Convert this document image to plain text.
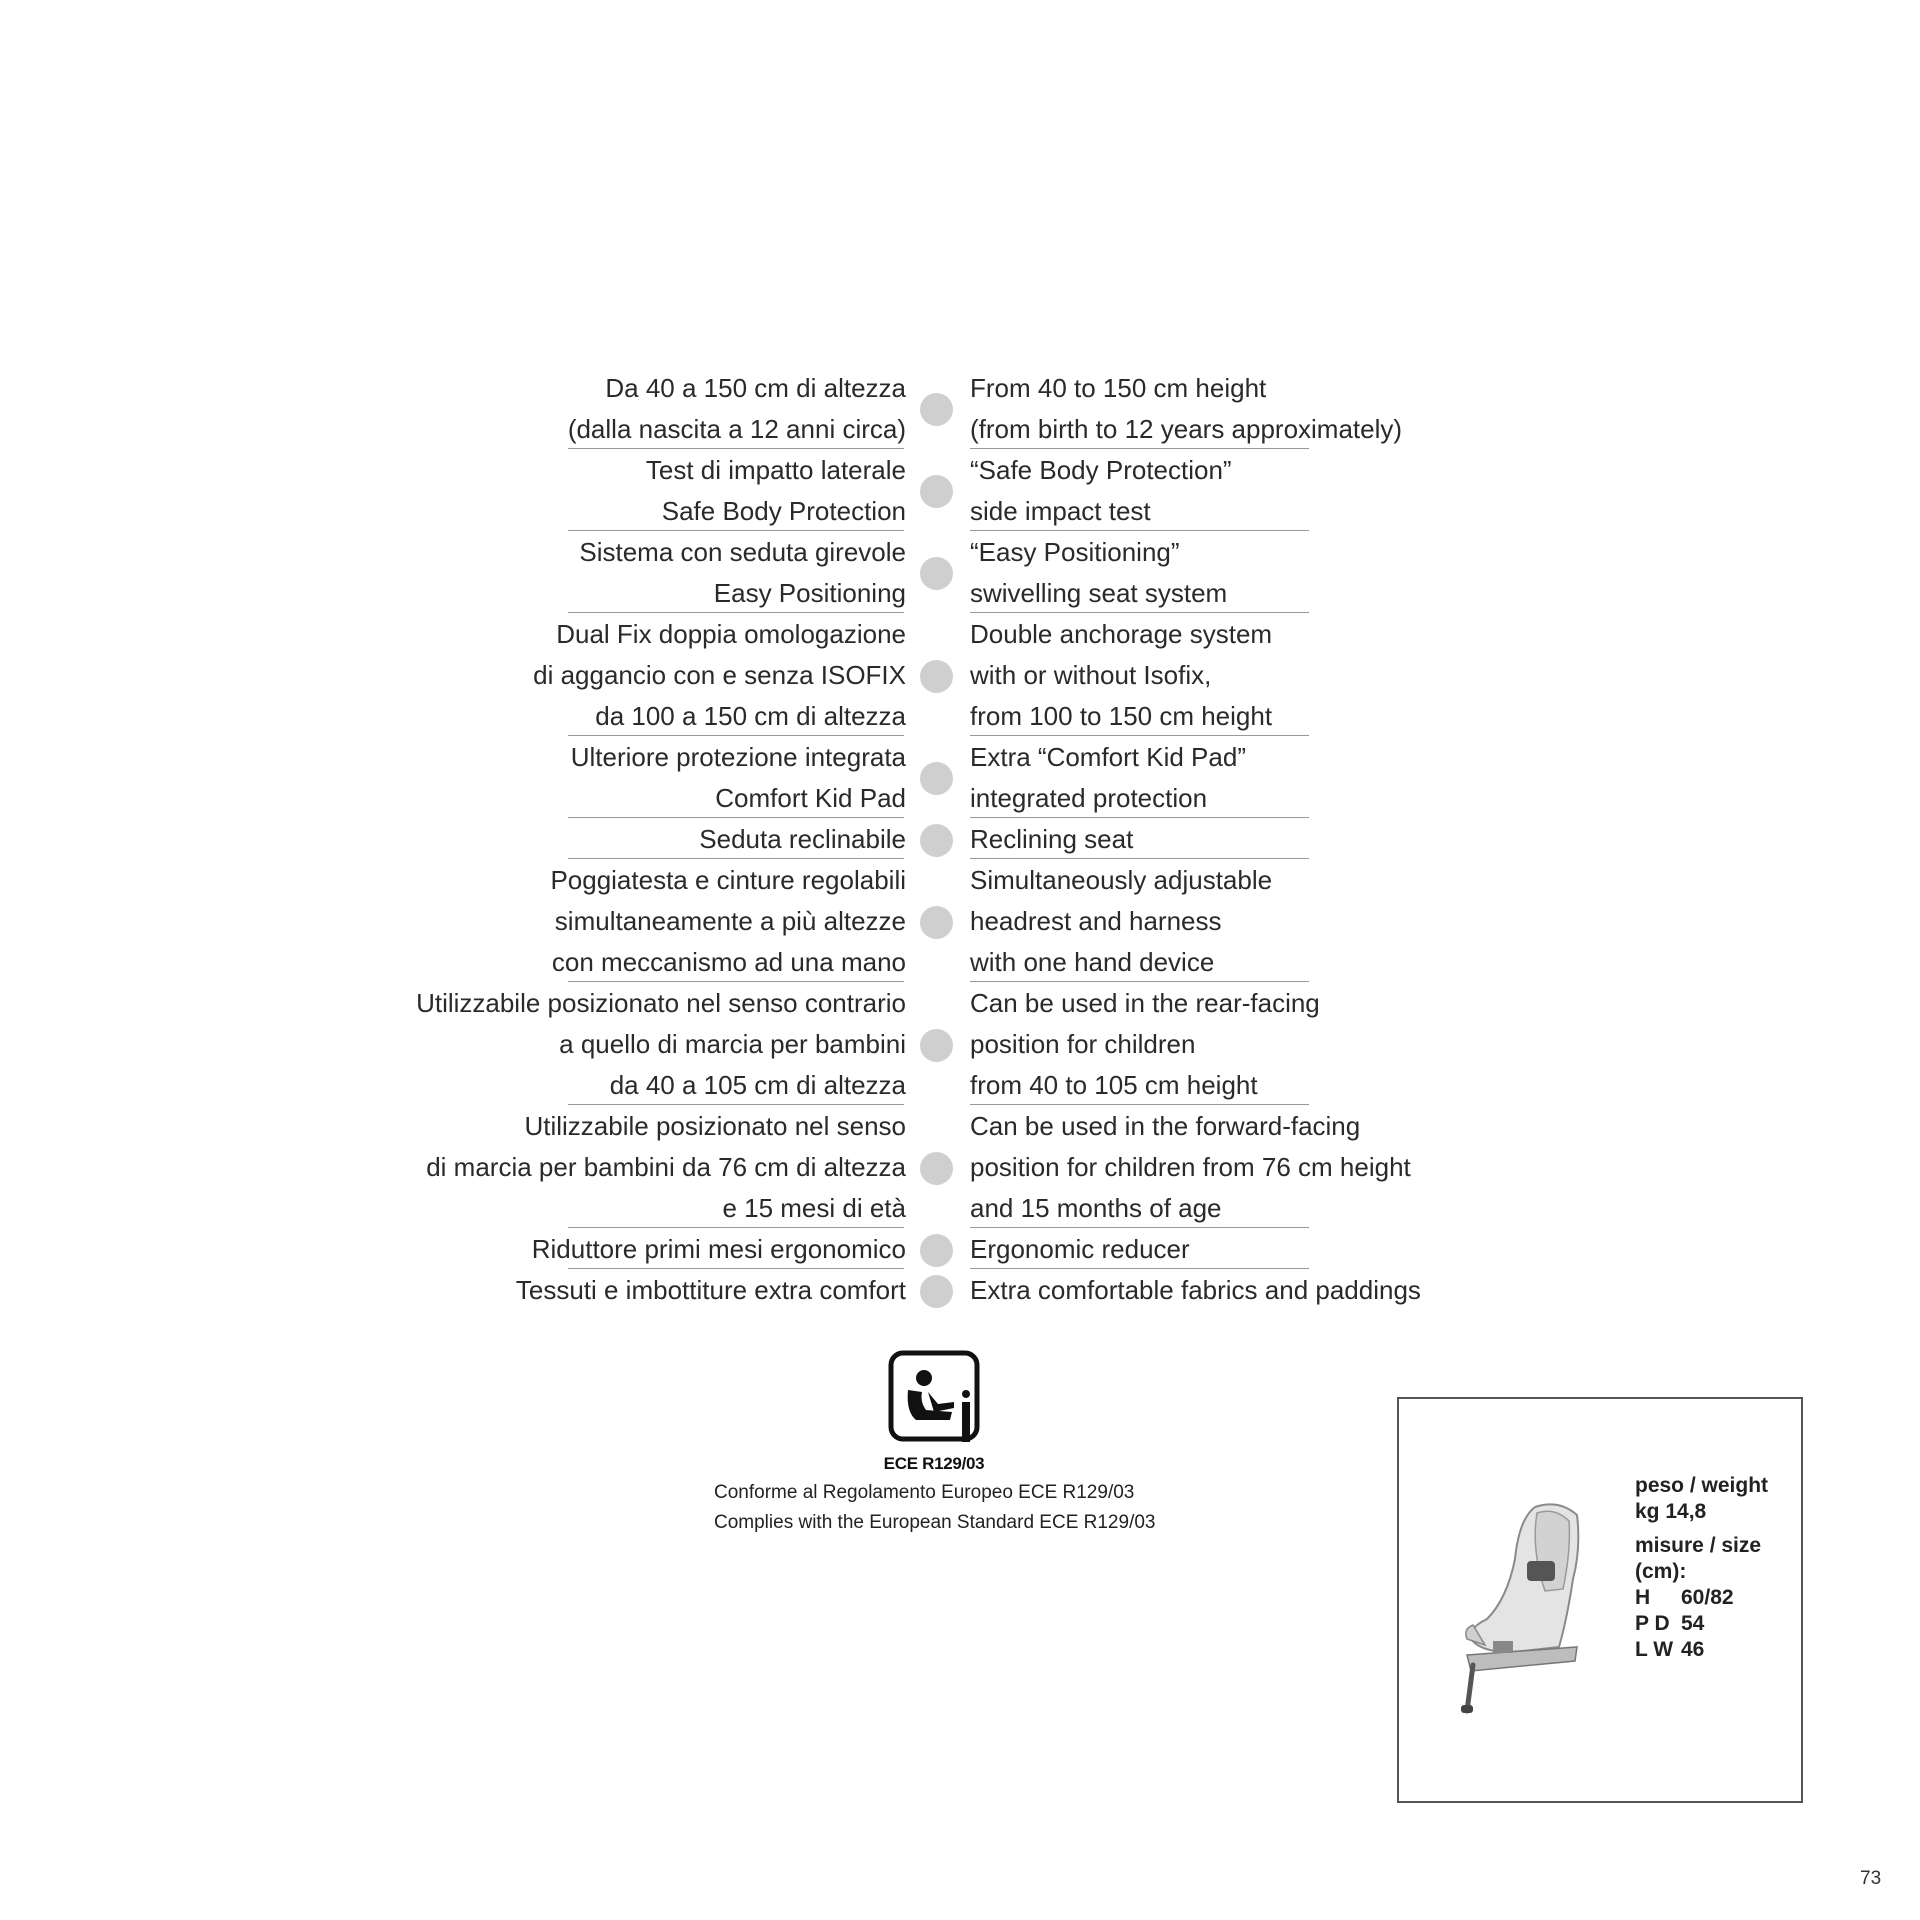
Da 40 a 150 cm di altezza
(dalla nascita a 12 anni circa)
From 40 to 150 cm height
(from birth to 12 years approximately)
Test di impatto laterale
Safe Body Protection
“Safe Body Protection”
side impact test
Sistema con seduta girevole
Easy Positioning
“Easy Positioning”
swivelling seat system
Dual Fix doppia omologazione
di aggancio con e senza ISOFIX
da 100 a 150 cm di altezza
Double anchorage system
with or without Isofix,
from 100 to 150 cm height
Ulteriore protezione integrata
Comfort Kid Pad
Extra “Comfort Kid Pad”
integrated protection
Seduta reclinabile Reclining seat
Poggiatesta e cinture regolabili
simultaneamente a più altezze
con meccanismo ad una mano
Simultaneously adjustable
headrest and harness
with one hand device
Utilizzabile posizionato nel senso contrario
a quello di marcia per bambini
da 40 a 105 cm di altezza
Can be used in the rear-facing
position for children
from 40 to 105 cm height
Utilizzabile posizionato nel senso
di marcia per bambini da 76 cm di altezza
e 15 mesi di età
Can be used in the forward-facing
position for children from 76 cm height
and 15 months of age
Riduttore primi mesi ergonomico Ergonomic reducer
Tessuti e imbottiture extra comfort Extra comfortable fabrics and paddings
ECE R129/03
Conforme al Regolamento Europeo ECE R129/03
Complies with the European Standard ECE R129/03
peso / weight
kg 14,8
misure / size
(cm):
H	60/82
P D 54
L W 46
73
